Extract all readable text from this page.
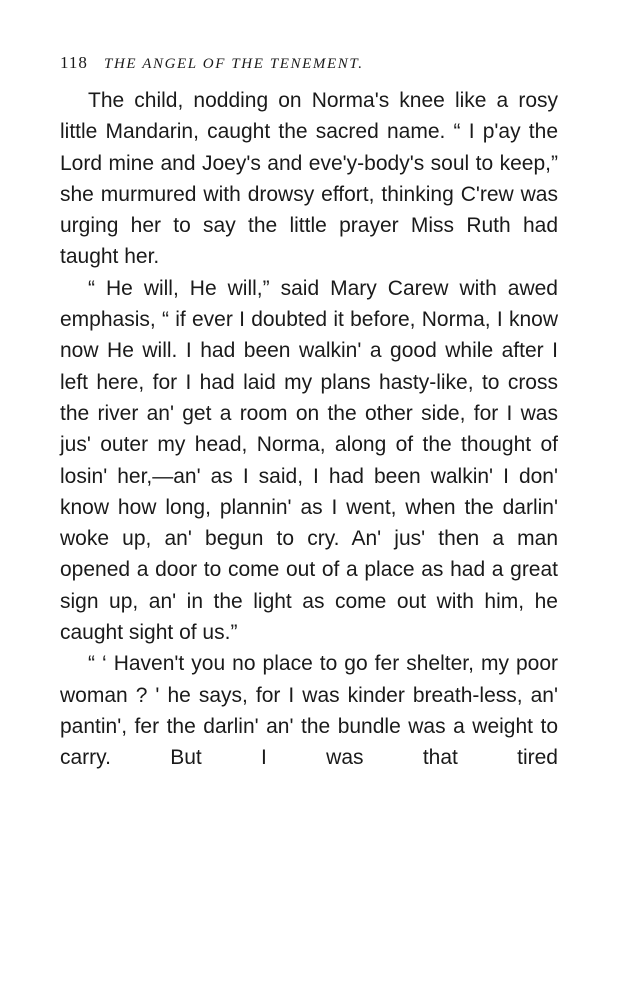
118	THE ANGEL OF THE TENEMENT.

The child, nodding on Norma's knee like a rosy little Mandarin, caught the sacred name. “ I p'ay the Lord mine and Joey's and eve'y-body's soul to keep,” she murmured with drowsy effort, thinking C'rew was urging her to say the little prayer Miss Ruth had taught her.

“ He will, He will,” said Mary Carew with awed emphasis, “ if ever I doubted it before, Norma, I know now He will. I had been walkin' a good while after I left here, for I had laid my plans hasty-like, to cross the river an' get a room on the other side, for I was jus' outer my head, Norma, along of the thought of losin' her,—an' as I said, I had been walkin' I don' know how long, plannin' as I went, when the darlin' woke up, an' begun to cry. An' jus' then a man opened a door to come out of a place as had a great sign up, an' in the light as come out with him, he caught sight of us.”

“ ‘ Haven't you no place to go fer shelter, my poor woman ? ' he says, for I was kinder breath-less, an' pantin', fer the darlin' an' the bundle was a weight to carry. But I was that tired
